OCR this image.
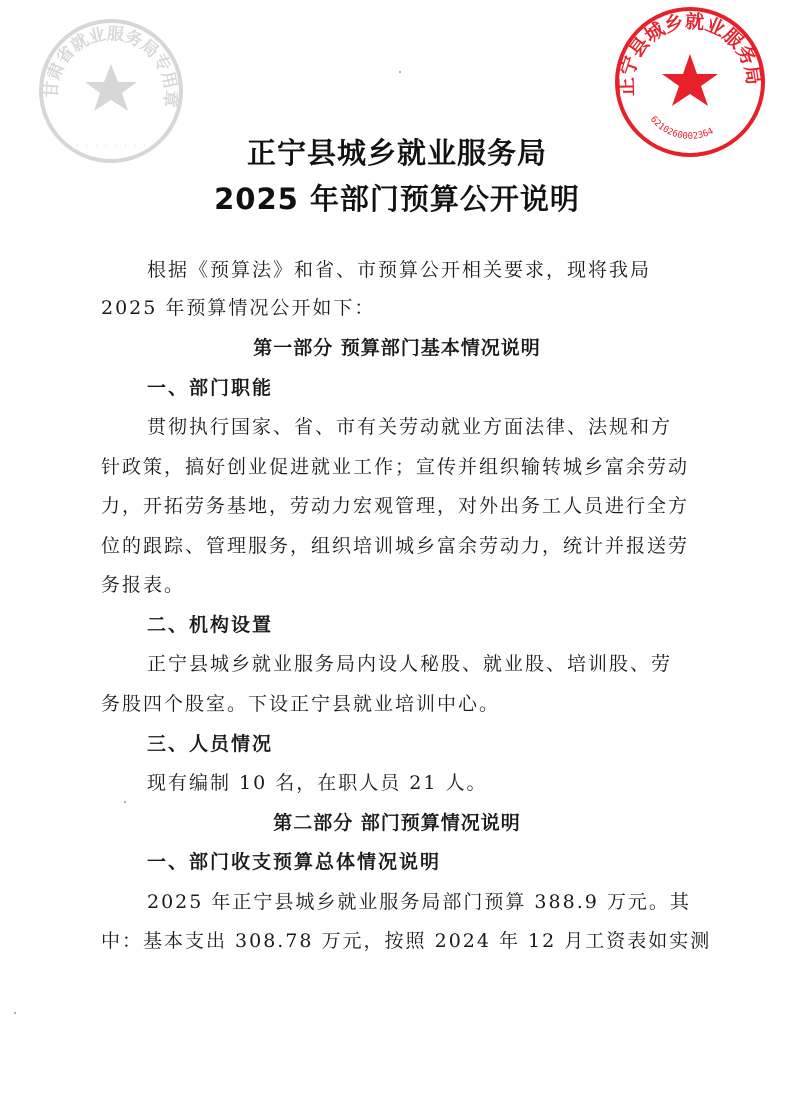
甘肃省就业服务局专用章
· · · · · · · ·
正宁县城乡就业服务局
6210260002364
正宁县城乡就业服务局
2025 年部门预算公开说明
根据《预算法》和省、市预算公开相关要求，现将我局
2025 年预算情况公开如下：
第一部分 预算部门基本情况说明
一、部门职能
贯彻执行国家、省、市有关劳动就业方面法律、法规和方
针政策，搞好创业促进就业工作；宣传并组织输转城乡富余劳动
力，开拓劳务基地，劳动力宏观管理，对外出务工人员进行全方
位的跟踪、管理服务，组织培训城乡富余劳动力，统计并报送劳
务报表。
二、机构设置
正宁县城乡就业服务局内设人秘股、就业股、培训股、劳
务股四个股室。下设正宁县就业培训中心。
三、人员情况
现有编制 10 名，在职人员 21 人。
第二部分 部门预算情况说明
一、部门收支预算总体情况说明
2025 年正宁县城乡就业服务局部门预算 388.9 万元。其
中：基本支出 308.78 万元，按照 2024 年 12 月工资表如实测
